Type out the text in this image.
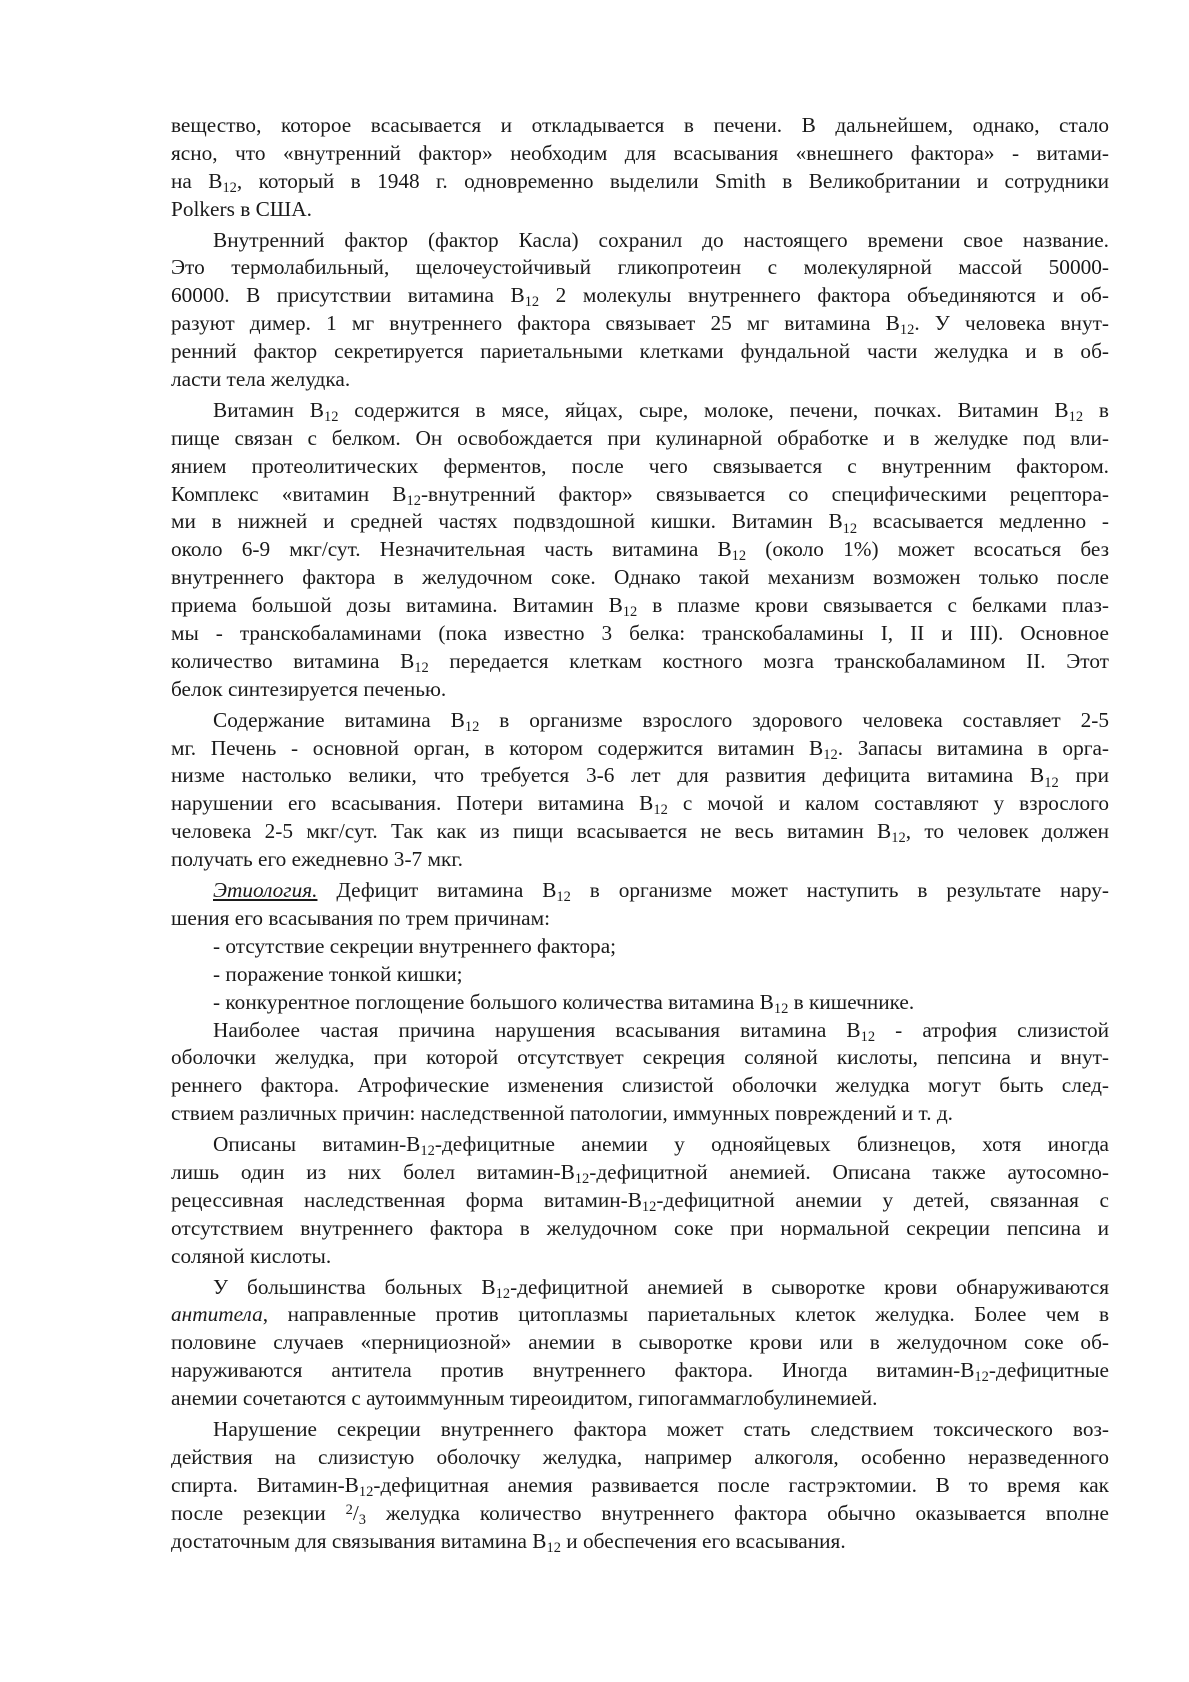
вещество, которое всасывается и откладывается в печени. В дальнейшем, однако, стало
ясно, что «внутренний фактор» необходим для всасывания «внешнего фактора» - витами-
на $B_{12}$, который в 1948 г. одновременно выделили Smith в Великобритании и сотрудники
Polkers в США.
Внутренний фактор (фактор Касла) сохранил до настоящего времени свое название.
Это термолабильный, щелочеустойчивый гликопротеин с молекулярной массой 50000-
60000. В присутствии витамина $B_{12}$ 2 молекулы внутреннего фактора объединяются и об-
разуют димер. 1 мг внутреннего фактора связывает 25 мг витамина $B_{12}$. У человека внут-
ренний фактор секретируется париетальными клетками фундальной части желудка и в об-
ласти тела желудка.
Витамин $B_{12}$ содержится в мясе, яйцах, сыре, молоке, печени, почках. Витамин $B_{12}$ в
пище связан с белком. Он освобождается при кулинарной обработке и в желудке под вли-
янием протеолитических ферментов, после чего связывается с внутренним фактором.
Комплекс «витамин $B_{12}$-внутренний фактор» связывается со специфическими рецептора-
ми в нижней и средней частях подвздошной кишки. Витамин $B_{12}$ всасывается медленно -
около 6-9 мкг/сут. Незначительная часть витамина $B_{12}$ (около 1%) может всосаться без
внутреннего фактора в желудочном соке. Однако такой механизм возможен только после
приема большой дозы витамина. Витамин $B_{12}$ в плазме крови связывается с белками плаз-
мы - транскобаламинами (пока известно 3 белка: транскобаламины I, II и III). Основное
количество витамина $B_{12}$ передается клеткам костного мозга транскобаламином II. Этот
белок синтезируется печенью.
Содержание витамина $B_{12}$ в организме взрослого здорового человека составляет 2-5
мг. Печень - основной орган, в котором содержится витамин $B_{12}$. Запасы витамина в орга-
низме настолько велики, что требуется 3-6 лет для развития дефицита витамина $B_{12}$ при
нарушении его всасывания. Потери витамина $B_{12}$ с мочой и калом составляют у взрослого
человека 2-5 мкг/сут. Так как из пищи всасывается не весь витамин $B_{12}$, то человек должен
получать его ежедневно 3-7 мкг.
Этиология. Дефицит витамина $B_{12}$ в организме может наступить в результате нару-
шения его всасывания по трем причинам:
- отсутствие секреции внутреннего фактора;
- поражение тонкой кишки;
- конкурентное поглощение большого количества витамина $B_{12}$ в кишечнике.
Наиболее частая причина нарушения всасывания витамина $B_{12}$ - атрофия слизистой
оболочки желудка, при которой отсутствует секреция соляной кислоты, пепсина и внут-
реннего фактора. Атрофические изменения слизистой оболочки желудка могут быть след-
ствием различных причин: наследственной патологии, иммунных повреждений и т. д.
Описаны витамин-$B_{12}$-дефицитные анемии у однояйцевых близнецов, хотя иногда
лишь один из них болел витамин-$B_{12}$-дефицитной анемией. Описана также аутосомно-
рецессивная наследственная форма витамин-$B_{12}$-дефицитной анемии у детей, связанная с
отсутствием внутреннего фактора в желудочном соке при нормальной секреции пепсина и
соляной кислоты.
У большинства больных $B_{12}$-дефицитной анемией в сыворотке крови обнаруживаются
антитела, направленные против цитоплазмы париетальных клеток желудка. Более чем в
половине случаев «пернициозной» анемии в сыворотке крови или в желудочном соке об-
наруживаются антитела против внутреннего фактора. Иногда витамин-$B_{12}$-дефицитные
анемии сочетаются с аутоиммунным тиреоидитом, гипогаммаглобулинемией.
Нарушение секреции внутреннего фактора может стать следствием токсического воз-
действия на слизистую оболочку желудка, например алкоголя, особенно неразведенного
спирта. Витамин-$B_{12}$-дефицитная анемия развивается после гастрэктомии. В то время как
после резекции $^2/_3$ желудка количество внутреннего фактора обычно оказывается вполне
достаточным для связывания витамина $B_{12}$ и обеспечения его всасывания.
